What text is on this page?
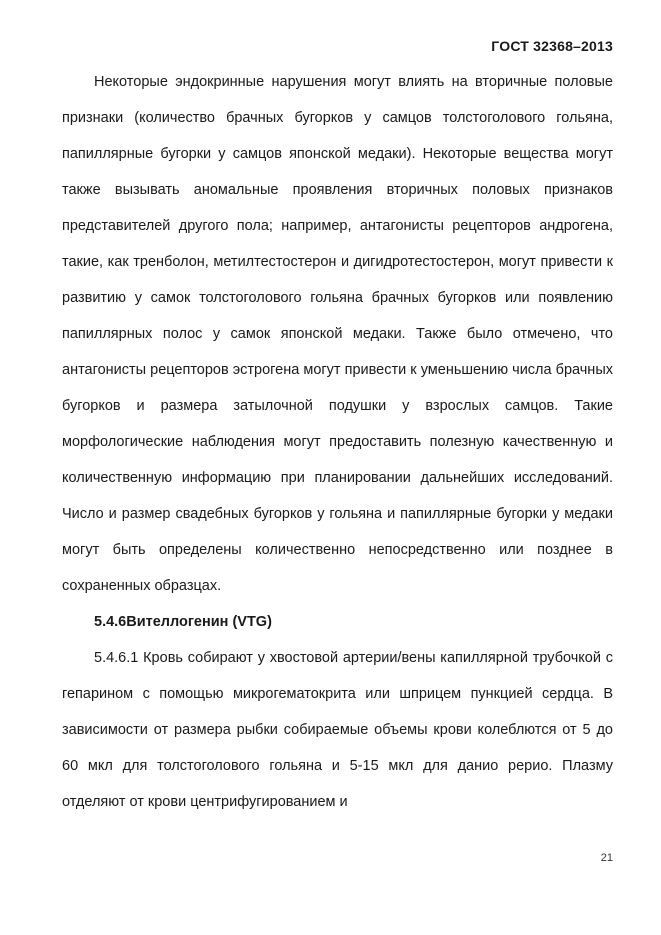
ГОСТ 32368–2013

Некоторые эндокринные нарушения могут влиять на вторичные половые признаки (количество брачных бугорков у самцов толстоголового гольяна, папиллярные бугорки у самцов японской медаки). Некоторые вещества могут также вызывать аномальные проявления вторичных половых признаков представителей другого пола; например, антагонисты рецепторов андрогена, такие, как тренболон, метилтестостерон и дигидротестостерон, могут привести к развитию у самок толстоголового гольяна брачных бугорков или появлению папиллярных полос у самок японской медаки. Также было отмечено, что антагонисты рецепторов эстрогена могут привести к уменьшению числа брачных бугорков и размера затылочной подушки у взрослых самцов. Такие морфологические наблюдения могут предоставить полезную качественную и количественную информацию при планировании дальнейших исследований. Число и размер свадебных бугорков у гольяна и папиллярные бугорки у медаки могут быть определены количественно непосредственно или позднее в сохраненных образцах.

5.4.6Вителлогенин (VTG)

5.4.6.1 Кровь собирают у хвостовой артерии/вены капиллярной трубочкой с гепарином с помощью микрогематокрита или шприцем пункцией сердца. В зависимости от размера рыбки собираемые объемы крови колеблются от 5 до 60 мкл для толстоголового гольяна и 5-15 мкл для данио рерио. Плазму отделяют от крови центрифугированием и

21
